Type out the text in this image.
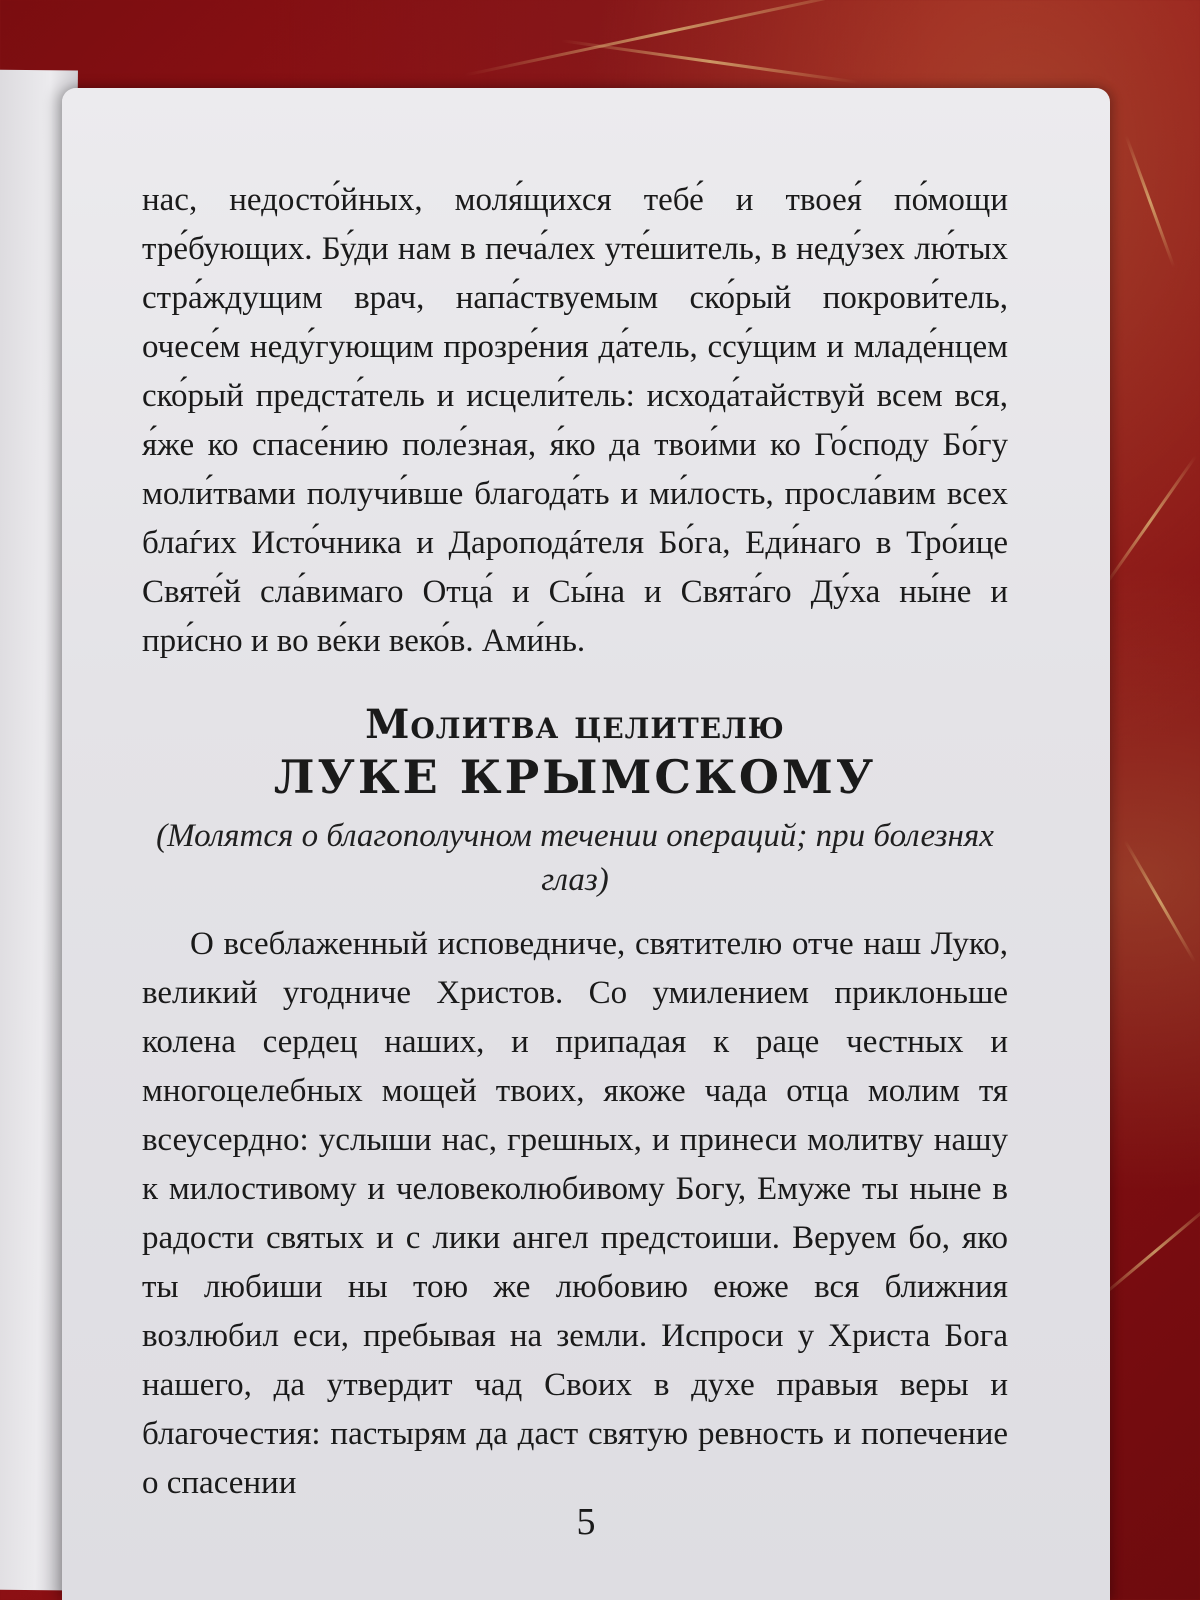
нас, недосто́йных, моля́щихся тебе́ и твоея́ по́мощи тре́бующих. Бу́ди нам в печа́лех уте́шитель, в неду́зех лю́тых стра́ждущим врач, напа́ствуемым ско́рый покрови́тель, очесе́м неду́гующим прозре́ния да́тель, ссу́щим и младе́нцем ско́рый предста́тель и исцели́тель: исхода́тайствуй всем вся, я́же ко спасе́нию поле́зная, я́ко да твои́ми ко Го́споду Бо́гу моли́твами получи́вше благода́ть и ми́лость, просла́вим всех блаѓих Исто́чника и Дароподáтеля Бо́га, Еди́наго в Тро́ице Святе́й сла́вимаго Отца́ и Сы́на и Свята́го Ду́ха ны́не и при́сно и во ве́ки веко́в. Ами́нь.

Молитва целителю
ЛУКЕ КРЫМСКОМУ

(Молятся о благополучном течении операций; при болезнях глаз)

О всеблаженный исповедниче, святителю отче наш Луко, великий угодниче Христов. Со умилением приклоньше колена сердец наших, и припадая к раце честных и многоцелебных мощей твоих, якоже чада отца молим тя всеусердно: услыши нас, грешных, и принеси молитву нашу к милостивому и человеколюбивому Богу, Емуже ты ныне в радости святых и с лики ангел предстоиши. Веруем бо, яко ты любиши ны тою же любовию еюже вся ближния возлюбил еси, пребывая на земли. Испроси у Христа Бога нашего, да утвердит чад Своих в духе правыя веры и благочестия: пастырям да даст святую ревность и попечение о спасении

5
